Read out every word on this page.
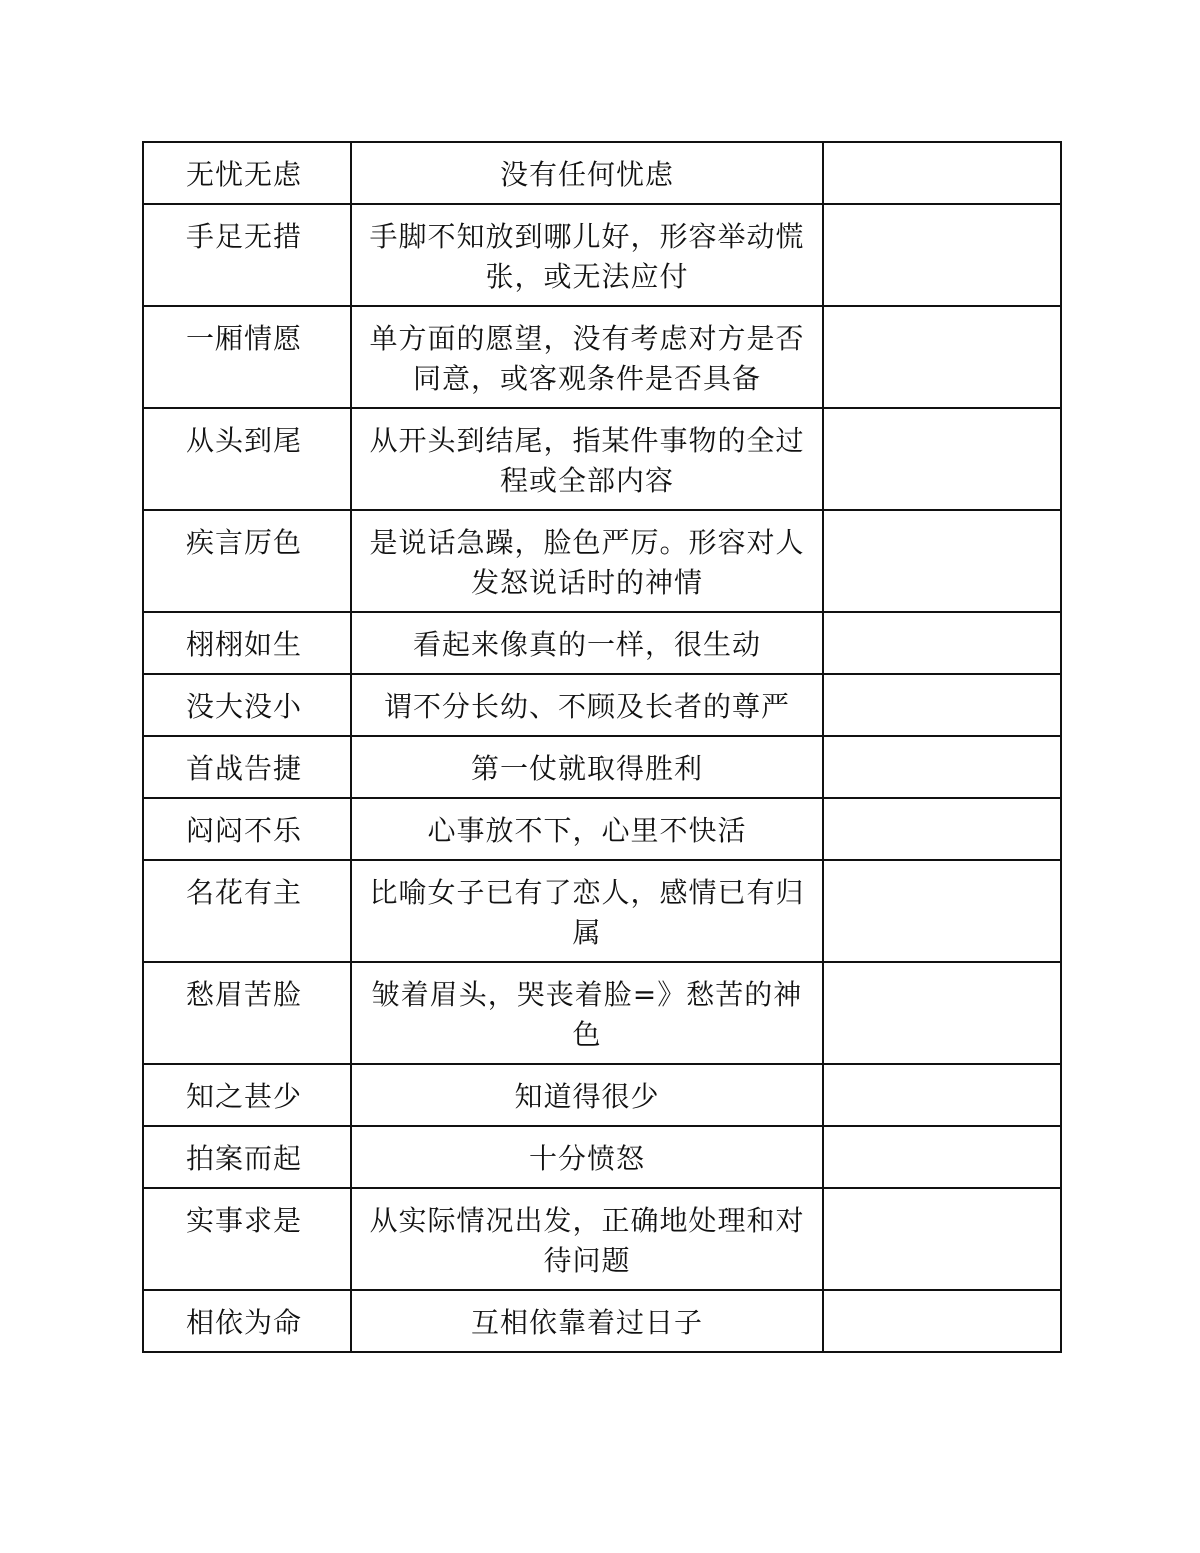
无忧无虑	没有任何忧虑	
手足无措	手脚不知放到哪儿好，形容举动慌张，或无法应付	
一厢情愿	单方面的愿望，没有考虑对方是否同意，或客观条件是否具备	
从头到尾	从开头到结尾，指某件事物的全过程或全部内容	
疾言厉色	是说话急躁，脸色严厉。形容对人发怒说话时的神情	
栩栩如生	看起来像真的一样，很生动	
没大没小	谓不分长幼、不顾及长者的尊严	
首战告捷	第一仗就取得胜利	
闷闷不乐	心事放不下，心里不快活	
名花有主	比喻女子已有了恋人，感情已有归属	
愁眉苦脸	皱着眉头，哭丧着脸=》愁苦的神色	
知之甚少	知道得很少	
拍案而起	十分愤怒	
实事求是	从实际情况出发，正确地处理和对待问题	
相依为命	互相依靠着过日子	
